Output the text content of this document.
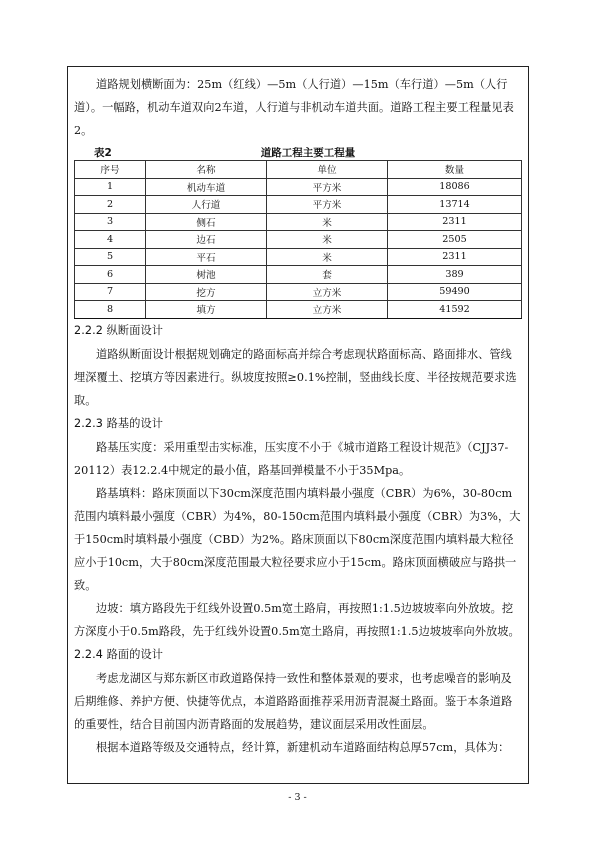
道路规划横断面为：25m（红线）—5m（人行道）—15m（车行道）—5m（人行道）。一幅路，机动车道双向2车道，人行道与非机动车道共面。道路工程主要工程量见表2。

表2	道路工程主要工程量
序号	名称	单位	数量
1	机动车道	平方米	18086
2	人行道	平方米	13714
3	侧石	米	2311
4	边石	米	2505
5	平石	米	2311
6	树池	套	389
7	挖方	立方米	59490
8	填方	立方米	41592

2.2.2 纵断面设计

道路纵断面设计根据规划确定的路面标高并综合考虑现状路面标高、路面排水、管线埋深覆土、挖填方等因素进行。纵坡度按照≥0.1%控制，竖曲线长度、半径按规范要求选取。

2.2.3 路基的设计

路基压实度：采用重型击实标准，压实度不小于《城市道路工程设计规范》（CJJ37-20112）表12.2.4中规定的最小值，路基回弹模量不小于35Mpa。

路基填料：路床顶面以下30cm深度范围内填料最小强度（CBR）为6%，30-80cm范围内填料最小强度（CBR）为4%，80-150cm范围内填料最小强度（CBR）为3%，大于150cm时填料最小强度（CBD）为2%。路床顶面以下80cm深度范围内填料最大粒径应小于10cm，大于80cm深度范围最大粒径要求应小于15cm。路床顶面横破应与路拱一致。

边坡：填方路段先于红线外设置0.5m宽土路肩，再按照1:1.5边坡坡率向外放坡。挖方深度小于0.5m路段，先于红线外设置0.5m宽土路肩，再按照1:1.5边坡坡率向外放坡。

2.2.4 路面的设计

考虑龙湖区与郑东新区市政道路保持一致性和整体景观的要求，也考虑噪音的影响及后期维修、养护方便、快捷等优点，本道路路面推荐采用沥青混凝土路面。鉴于本条道路的重要性，结合目前国内沥青路面的发展趋势，建议面层采用改性面层。

根据本道路等级及交通特点，经计算，新建机动车道路面结构总厚57cm，具体为：

- 3 -
